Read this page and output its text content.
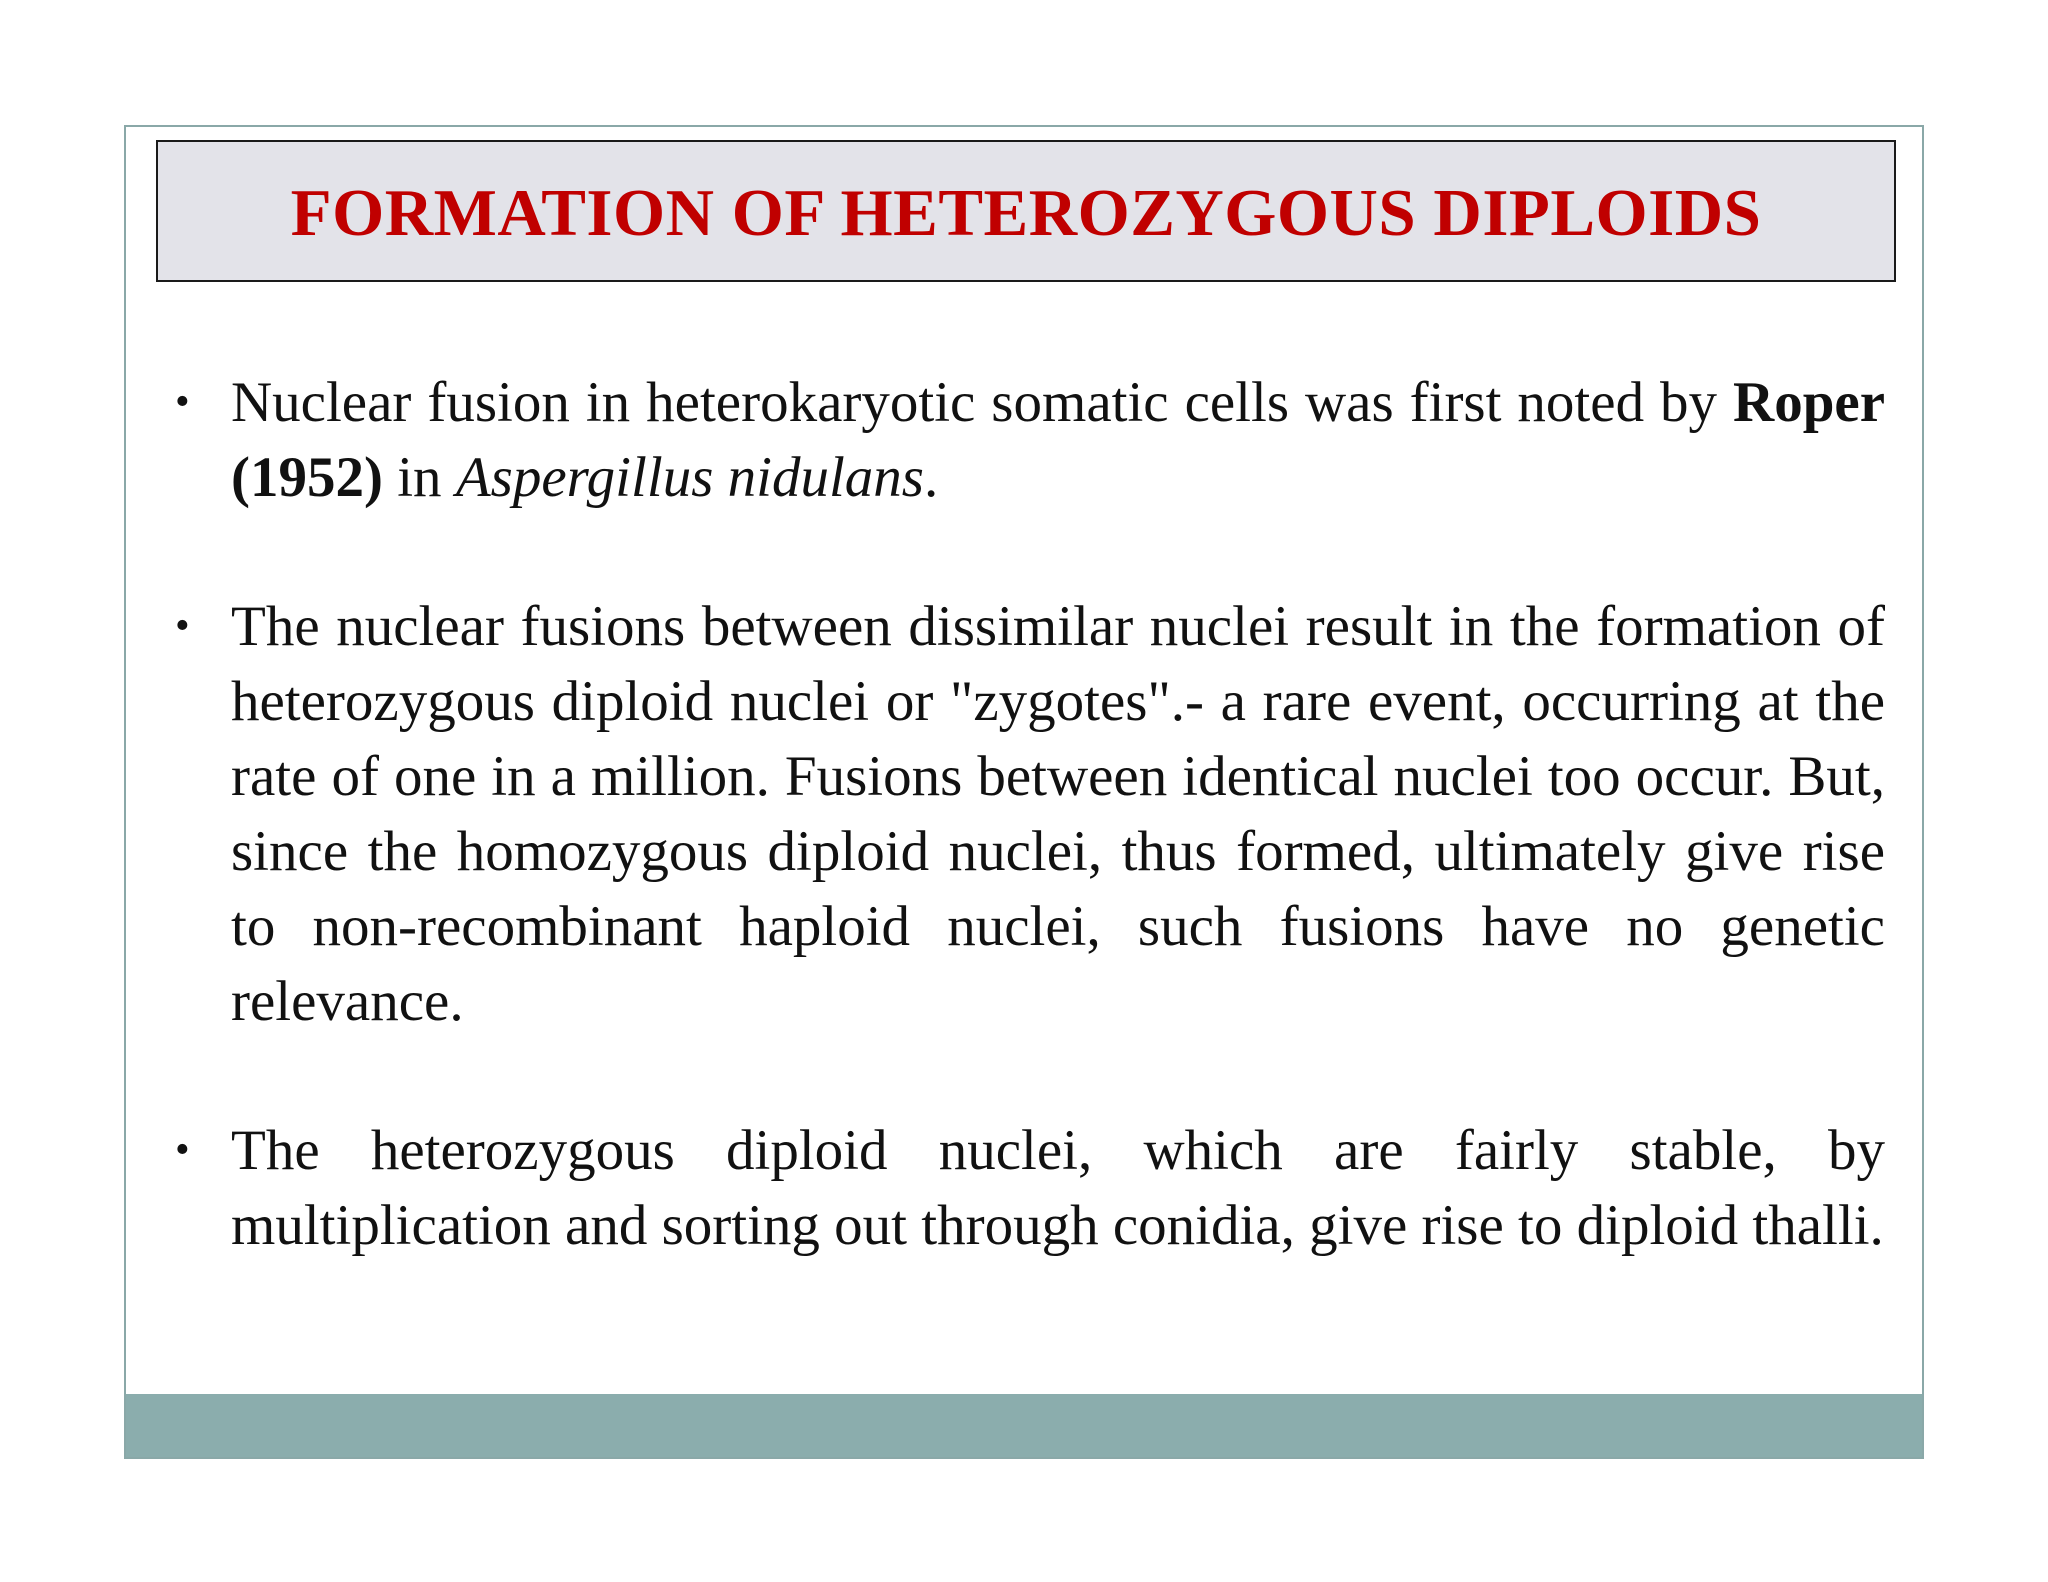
FORMATION OF HETEROZYGOUS DIPLOIDS
• Nuclear fusion in heterokaryotic somatic cells was first noted by Roper (1952) in Aspergillus nidulans.
• The nuclear fusions between dissimilar nuclei result in the formation of heterozygous diploid nuclei or "zygotes".- a rare event, occurring at the rate of one in a million. Fusions between identical nuclei too occur. But, since the homozygous diploid nuclei, thus formed, ultimately give rise to non-recombinant haploid nuclei, such fusions have no genetic relevance.
• The heterozygous diploid nuclei, which are fairly stable, by multiplication and sorting out through conidia, give rise to diploid thalli.
